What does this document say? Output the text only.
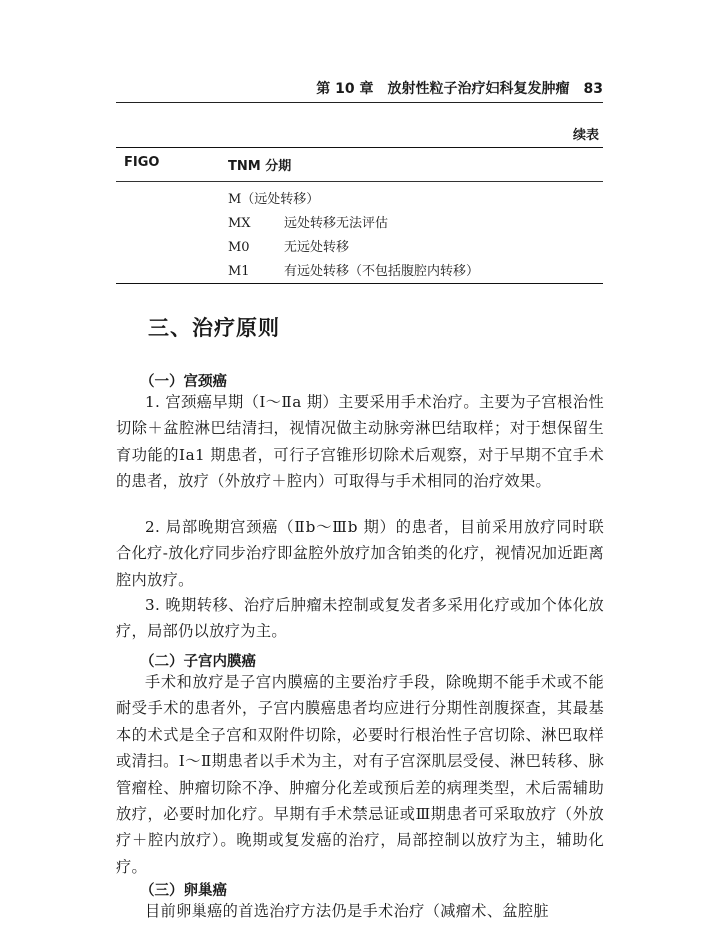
第 10 章　放射性粒子治疗妇科复发肿瘤 83
续表
FIGO	TNM 分期
M（远处转移）
MX	远处转移无法评估
M0	无远处转移
M1	有远处转移（不包括腹腔内转移）
三、治疗原则
（一）宫颈癌

1. 宫颈癌早期（Ⅰ～Ⅱa 期）主要采用手术治疗。主要为子宫根治性切除＋盆腔淋巴结清扫，视情况做主动脉旁淋巴结取样；对于想保留生育功能的Ⅰa1 期患者，可行子宫锥形切除术后观察，对于早期不宜手术的患者，放疗（外放疗＋腔内）可取得与手术相同的治疗效果。

2. 局部晚期宫颈癌（Ⅱb～Ⅲb 期）的患者，目前采用放疗同时联合化疗-放化疗同步治疗即盆腔外放疗加含铂类的化疗，视情况加近距离腔内放疗。

3. 晚期转移、治疗后肿瘤未控制或复发者多采用化疗或加个体化放疗，局部仍以放疗为主。

（二）子宫内膜癌

手术和放疗是子宫内膜癌的主要治疗手段，除晚期不能手术或不能耐受手术的患者外，子宫内膜癌患者均应进行分期性剖腹探查，其最基本的术式是全子宫和双附件切除，必要时行根治性子宫切除、淋巴取样或清扫。Ⅰ～Ⅱ期患者以手术为主，对有子宫深肌层受侵、淋巴转移、脉管瘤栓、肿瘤切除不净、肿瘤分化差或预后差的病理类型，术后需辅助放疗，必要时加化疗。早期有手术禁忌证或Ⅲ期患者可采取放疗（外放疗＋腔内放疗）。晚期或复发癌的治疗，局部控制以放疗为主，辅助化疗。

（三）卵巢癌

目前卵巢癌的首选治疗方法仍是手术治疗（减瘤术、盆腔脏
